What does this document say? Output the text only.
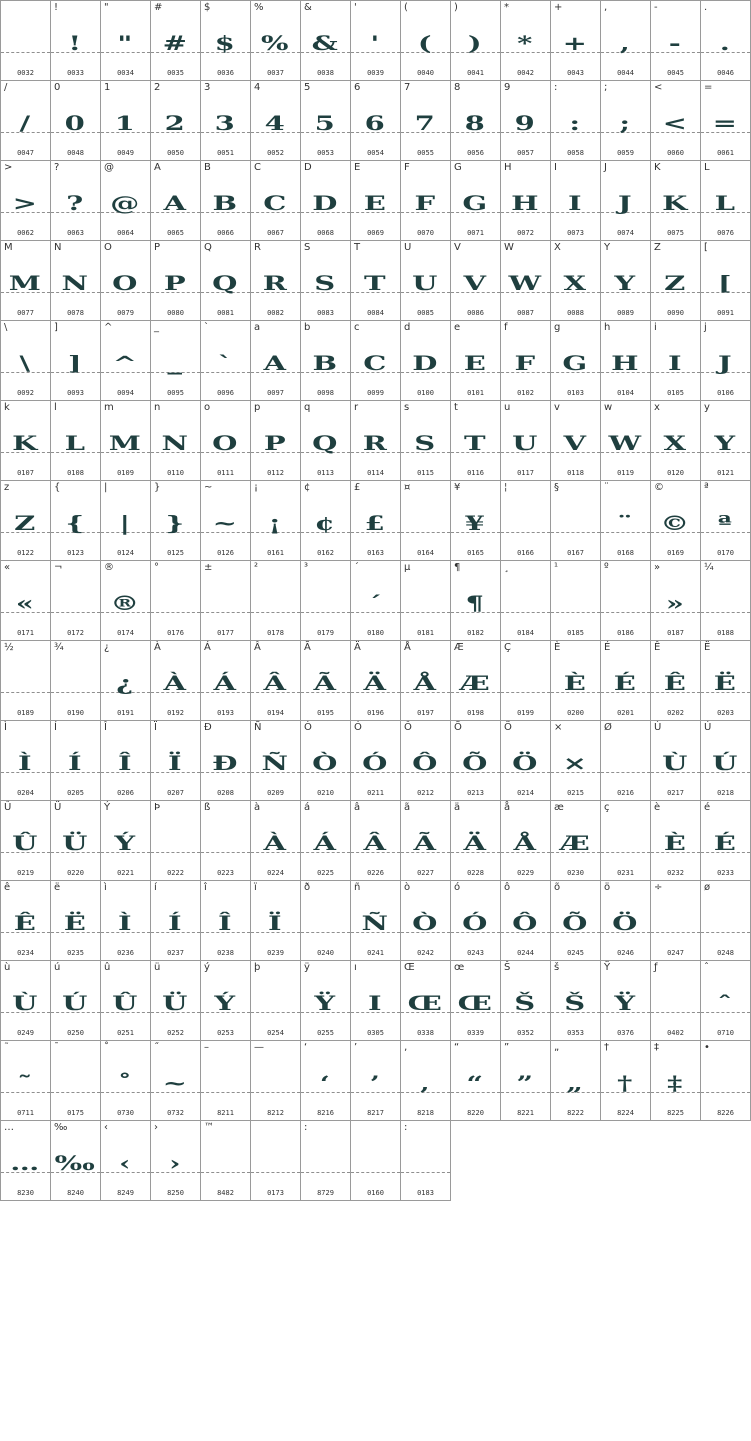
0032
!
!
0033
"
"
0034
#
#
0035
$
$
0036
%
%
0037
&
&
0038
'
'
0039
(
(
0040
)
)
0041
*
*
0042
+
+
0043
,
,
0044
-
-
0045
.
.
0046
/
/
0047
0
0
0048
1
1
0049
2
2
0050
3
3
0051
4
4
0052
5
5
0053
6
6
0054
7
7
0055
8
8
0056
9
9
0057
:
:
0058
;
;
0059
<
<
0060
=
=
0061
>
>
0062
?
?
0063
@
@
0064
A
A
0065
B
B
0066
C
C
0067
D
D
0068
E
E
0069
F
F
0070
G
G
0071
H
H
0072
I
I
0073
J
J
0074
K
K
0075
L
L
0076
M
M
0077
N
N
0078
O
O
0079
P
P
0080
Q
Q
0081
R
R
0082
S
S
0083
T
T
0084
U
U
0085
V
V
0086
W
W
0087
X
X
0088
Y
Y
0089
Z
Z
0090
[
[
0091
\
\
0092
]
]
0093
^
^
0094
_
_
0095
`
`
0096
a
A
0097
b
B
0098
c
C
0099
d
D
0100
e
E
0101
f
F
0102
g
G
0103
h
H
0104
i
I
0105
j
J
0106
k
K
0107
l
L
0108
m
M
0109
n
N
0110
o
O
0111
p
P
0112
q
Q
0113
r
R
0114
s
S
0115
t
T
0116
u
U
0117
v
V
0118
w
W
0119
x
X
0120
y
Y
0121
z
Z
0122
{
{
0123
|
|
0124
}
}
0125
~
~
0126
¡
¡
0161
¢
¢
0162
£
£
0163
¤
0164
¥
¥
0165
¦
0166
§
0167
¨
¨
0168
©
©
0169
ª
ª
0170
«
«
0171
¬
0172
®
®
0174
°
0176
±
0177
²
0178
³
0179
´
´
0180
µ
0181
¶
¶
0182
¸
0184
¹
0185
º
0186
»
»
0187
¼
0188
½
0189
¾
0190
¿
¿
0191
À
À
0192
Á
Á
0193
Â
Â
0194
Ã
Ã
0195
Ä
Ä
0196
Å
Å
0197
Æ
Æ
0198
Ç
0199
È
È
0200
É
É
0201
Ê
Ê
0202
Ë
Ë
0203
Ì
Ì
0204
Í
Í
0205
Î
Î
0206
Ï
Ï
0207
Ð
Ð
0208
Ñ
Ñ
0209
Ò
Ò
0210
Ó
Ó
0211
Ô
Ô
0212
Õ
Õ
0213
Ö
Ö
0214
×
×
0215
Ø
0216
Ù
Ù
0217
Ú
Ú
0218
Û
Û
0219
Ü
Ü
0220
Ý
Ý
0221
Þ
0222
ß
0223
à
À
0224
á
Á
0225
â
Â
0226
ã
Ã
0227
ä
Ä
0228
å
Å
0229
æ
Æ
0230
ç
0231
è
È
0232
é
É
0233
ê
Ê
0234
ë
Ë
0235
ì
Ì
0236
í
Í
0237
î
Î
0238
ï
Ï
0239
ð
0240
ñ
Ñ
0241
ò
Ò
0242
ó
Ó
0243
ô
Ô
0244
õ
Õ
0245
ö
Ö
0246
÷
0247
ø
0248
ù
Ù
0249
ú
Ú
0250
û
Û
0251
ü
Ü
0252
ý
Ý
0253
þ
0254
ÿ
Ÿ
0255
ı
I
0305
Œ
Œ
0338
œ
Œ
0339
Š
Š
0352
š
Š
0353
Ÿ
Ÿ
0376
ƒ
0402
ˆ
ˆ
0710
˜
˜
0711
¯
0175
˚
˚
0730
˝
~
0732
–
8211
—
8212
‘
‘
8216
’
’
8217
‚
‚
8218
“
“
8220
”
”
8221
„
„
8222
†
†
8224
‡
‡
8225
•
8226
…
…
8230
‰
‰
8240
‹
‹
8249
›
›
8250
™
8482	0173
:
8729	0160
:
0183
